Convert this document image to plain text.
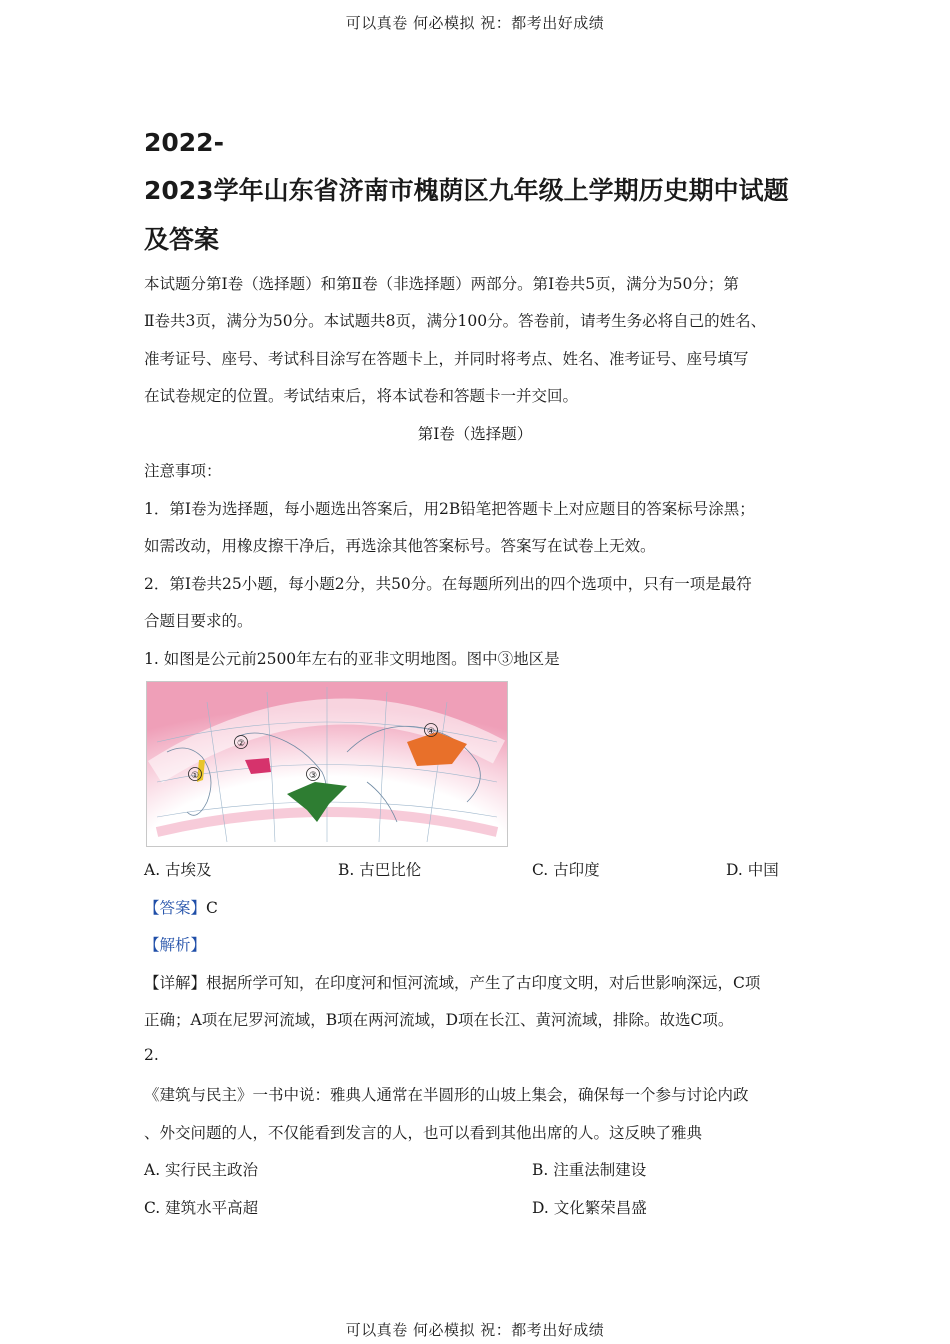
可以真卷 何必模拟 祝：都考出好成绩
2022-
2023学年山东省济南市槐荫区九年级上学期历史期中试题
及答案
本试题分第Ⅰ卷（选择题）和第Ⅱ卷（非选择题）两部分。第Ⅰ卷共5页，满分为50分；第
Ⅱ卷共3页，满分为50分。本试题共8页，满分100分。答卷前，请考生务必将自己的姓名、
准考证号、座号、考试科目涂写在答题卡上，并同时将考点、姓名、准考证号、座号填写
在试卷规定的位置。考试结束后，将本试卷和答题卡一并交回。
第Ⅰ卷（选择题）
注意事项：
1．第Ⅰ卷为选择题，每小题选出答案后，用2B铅笔把答题卡上对应题目的答案标号涂黑；
如需改动，用橡皮擦干净后，再选涂其他答案标号。答案写在试卷上无效。
2．第Ⅰ卷共25小题，每小题2分，共50分。在每题所列出的四个选项中，只有一项是最符
合题目要求的。
1. 如图是公元前2500年左右的亚非文明地图。图中③地区是
①
②
③
④
A. 古埃及	B. 古巴比伦	C. 古印度	D. 中国
【答案】C
【解析】
【详解】根据所学可知，在印度河和恒河流域，产生了古印度文明，对后世影响深远，C项
正确；A项在尼罗河流域，B项在两河流域，D项在长江、黄河流域，排除。故选C项。
2.
《建筑与民主》一书中说：雅典人通常在半圆形的山坡上集会，确保每一个参与讨论内政
、外交问题的人，不仅能看到发言的人，也可以看到其他出席的人。这反映了雅典
A. 实行民主政治	B. 注重法制建设
C. 建筑水平高超	D. 文化繁荣昌盛
可以真卷 何必模拟 祝：都考出好成绩
